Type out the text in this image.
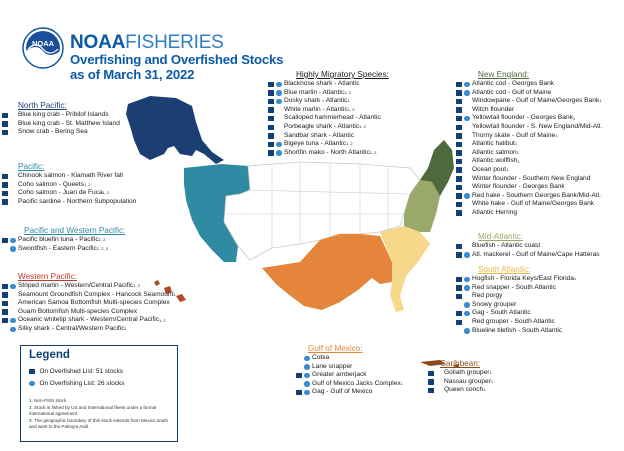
NOAA NOAAFISHERIES
Overfishing and Overfished Stocks
as of March 31, 2022
North Pacific:
Blue king crab - Pribilof Islands
Blue king crab - St. Matthew Island
Snow crab - Bering Sea
Pacific:
Chinook salmon - Klamath River fall
Coho salmon - Queets 1, 2
Coho salmon - Juan de Fuca 1, 2
Pacific sardine - Northern Subpopulation
Pacific and Western Pacific:
Pacific bluefin tuna - Pacific 1, 2
Swordfish - Eastern Pacific 1, 2, 3
Western Pacific:
Striped marlin - Western/Central Pacific 1, 2
Seamount Groundfish Complex - Hancock Seamount 1
American Samoa Bottomfish Multi-species Complex
Guam Bottomfish Multi-species Complex
Oceanic whitetip shark - Western/Central Pacific 1, 2
Silky shark - Central/Western Pacific 1
Highly Migratory Species:
Blacknose shark - Atlantic
Blue marlin - Atlantic 1, 2
Dusky shark - Atlantic 1
White marlin - Atlantic 1, 2
Scalloped hammerhead - Atlantic
Porbeagle shark - Atlantic 1, 2
Sandbar shark - Atlantic
Bigeye tuna - Atlantic 1, 2
Shortfin mako - North Atlantic 1, 2
New England:
Atlantic cod - Georges Bank
Atlantic cod - Gulf of Maine
Windowpane - Gulf of Maine/Georges Bank 1
Witch flounder
Yellowtail flounder - Georges Bank 1
Yellowtail flounder - S. New England/Mid-Atl.
Thorny skate - Gulf of Maine 1
Atlantic halibut 1
Atlantic salmon 1
Atlantic wolffish 1
Ocean pout 1
Winter flounder - Southern New England
Winter flounder - Georges Bank
Red hake - Southern Georges Bank/Mid-Atl.
White hake - Gulf of Maine/Georges Bank
Atlantic Herring
Mid-Atlantic:
Bluefish - Atlantic coast
Atl. mackerel - Gulf of Maine/Cape Hatteras
South Atlantic:
Hogfish - Florida Keys/East Florida 1
Red snapper - South Atlantic
Red porgy
Snowy grouper
Gag - South Atlantic
Red grouper - South Atlantic
Blueline tilefish - South Atlantic
Gulf of Mexico:
Cobia
Lane snapper
Greater amberjack
Gulf of Mexico Jacks Complex 1
Gag - Gulf of Mexico
Caribbean:
Goliath grouper 1
Nassau grouper 1
Queen conch 1
Legend
On Overfished List: 51 stocks
On Overfishing List: 26 stocks
1. Non-FSSI stock
2. Stock is fished by US and International fleets under a formal international agreement
3. The geographic boundary of this stock extends from Mexico south and west to the Palmyra Atoll.
